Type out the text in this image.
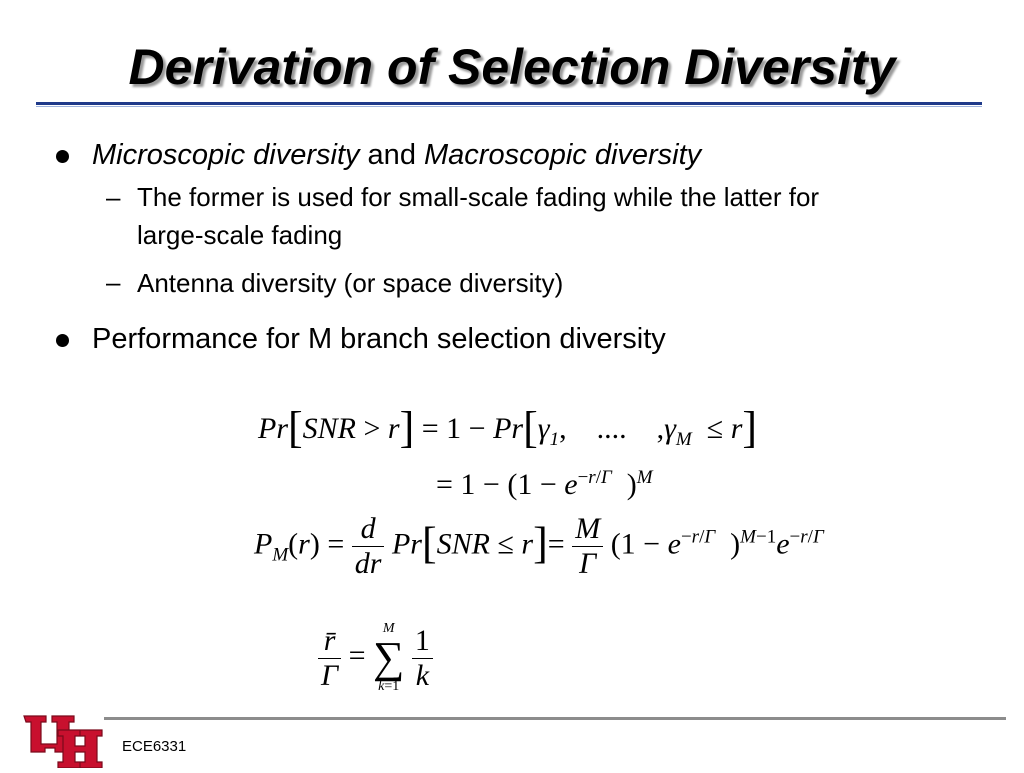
Derivation of Selection Diversity
Microscopic diversity and Macroscopic diversity
– The former is used for small-scale fading while the latter for
large-scale fading
– Antenna diversity (or space diversity)
Performance for M branch selection diversity
$Pr[SNR > r] = 1 - Pr[\gamma_1$,    ....    $,\gamma_M \le r$]
= $1 - (1 - e^{-r/\Gamma}$  )$^M$
$P_M(r) = \frac{d}{dr} Pr[SNR \le r]= \frac{M}{\Gamma} (1 - e^{-r/\Gamma}$  )$^{M-1}e^{-r/\Gamma}$
$\frac{r̄}{\Gamma}$ =
M
∑
k=1
$\frac{1}{k}$
ECE6331
